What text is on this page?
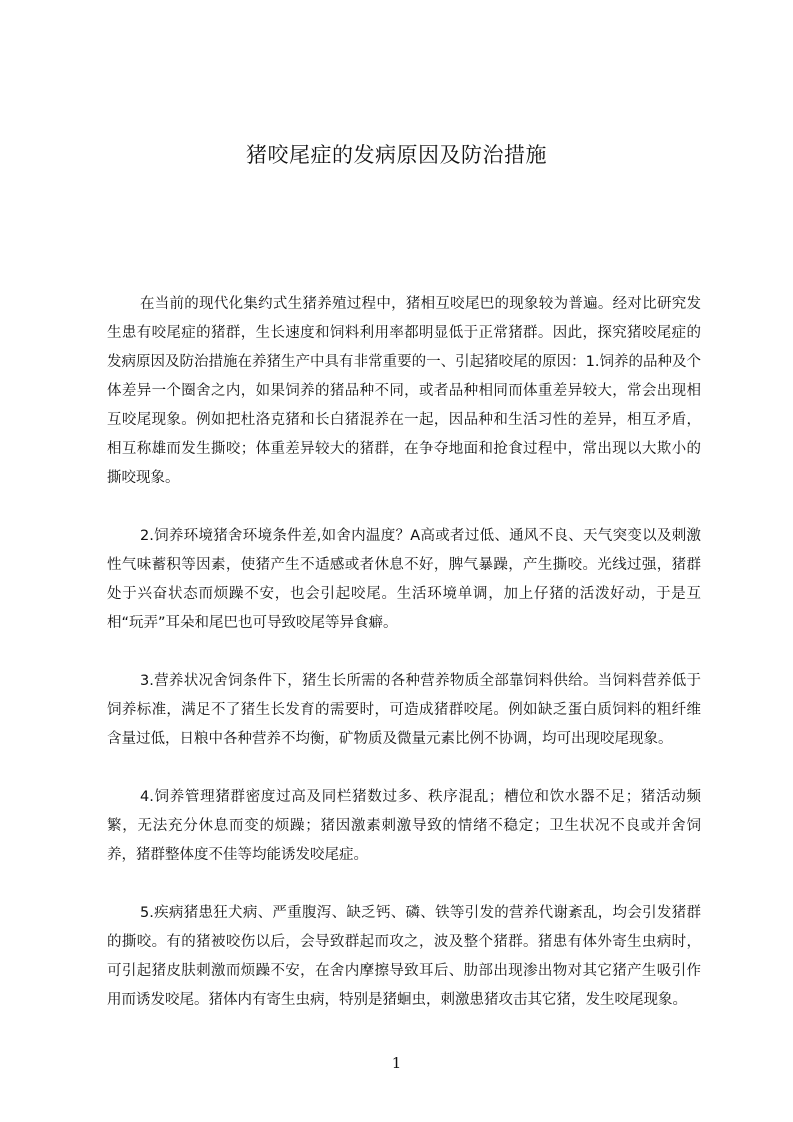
猪咬尾症的发病原因及防治措施

在当前的现代化集约式生猪养殖过程中，猪相互咬尾巴的现象较为普遍。经对比研究发生患有咬尾症的猪群，生长速度和饲料利用率都明显低于正常猪群。因此，探究猪咬尾症的发病原因及防治措施在养猪生产中具有非常重要的一、引起猪咬尾的原因：1.饲养的品种及个体差异一个圈舍之内，如果饲养的猪品种不同，或者品种相同而体重差异较大，常会出现相互咬尾现象。例如把杜洛克猪和长白猪混养在一起，因品种和生活习性的差异，相互矛盾，相互称雄而发生撕咬；体重差异较大的猪群，在争夺地面和抢食过程中，常出现以大欺小的撕咬现象。

2.饲养环境猪舍环境条件差,如舍内温度？A高或者过低、通风不良、天气突变以及刺激性气味蓄积等因素，使猪产生不适感或者休息不好，脾气暴躁，产生撕咬。光线过强，猪群处于兴奋状态而烦躁不安，也会引起咬尾。生活环境单调，加上仔猪的活泼好动，于是互相“玩弄”耳朵和尾巴也可导致咬尾等异食癖。

3.营养状况舍饲条件下，猪生长所需的各种营养物质全部靠饲料供给。当饲料营养低于饲养标准，满足不了猪生长发育的需要时，可造成猪群咬尾。例如缺乏蛋白质饲料的粗纤维含量过低，日粮中各种营养不均衡，矿物质及微量元素比例不协调，均可出现咬尾现象。

4.饲养管理猪群密度过高及同栏猪数过多、秩序混乱；槽位和饮水器不足；猪活动频繁，无法充分休息而变的烦躁；猪因激素刺激导致的情绪不稳定；卫生状况不良或并舍饲养，猪群整体度不佳等均能诱发咬尾症。

5.疾病猪患狂犬病、严重腹泻、缺乏钙、磷、铁等引发的营养代谢紊乱，均会引发猪群的撕咬。有的猪被咬伤以后，会导致群起而攻之，波及整个猪群。猪患有体外寄生虫病时，可引起猪皮肤刺激而烦躁不安，在舍内摩擦导致耳后、肋部出现渗出物对其它猪产生吸引作用而诱发咬尾。猪体内有寄生虫病，特别是猪蛔虫，刺激患猪攻击其它猪，发生咬尾现象。

1
